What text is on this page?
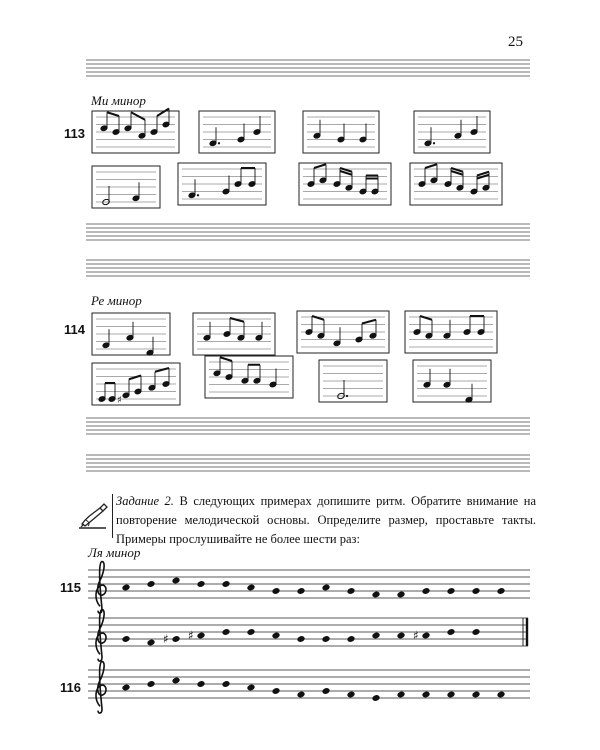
25
Ми минор
Ре минор
Ля минор
113
114
115
116
♯
Задание 2. В следующих примерах допишите ритм. Обратите внимание на повторение мелодической основы. Определите размер, проставьте такты. Примеры прослушивайте не более шести раз:
♯ ♯	♯
